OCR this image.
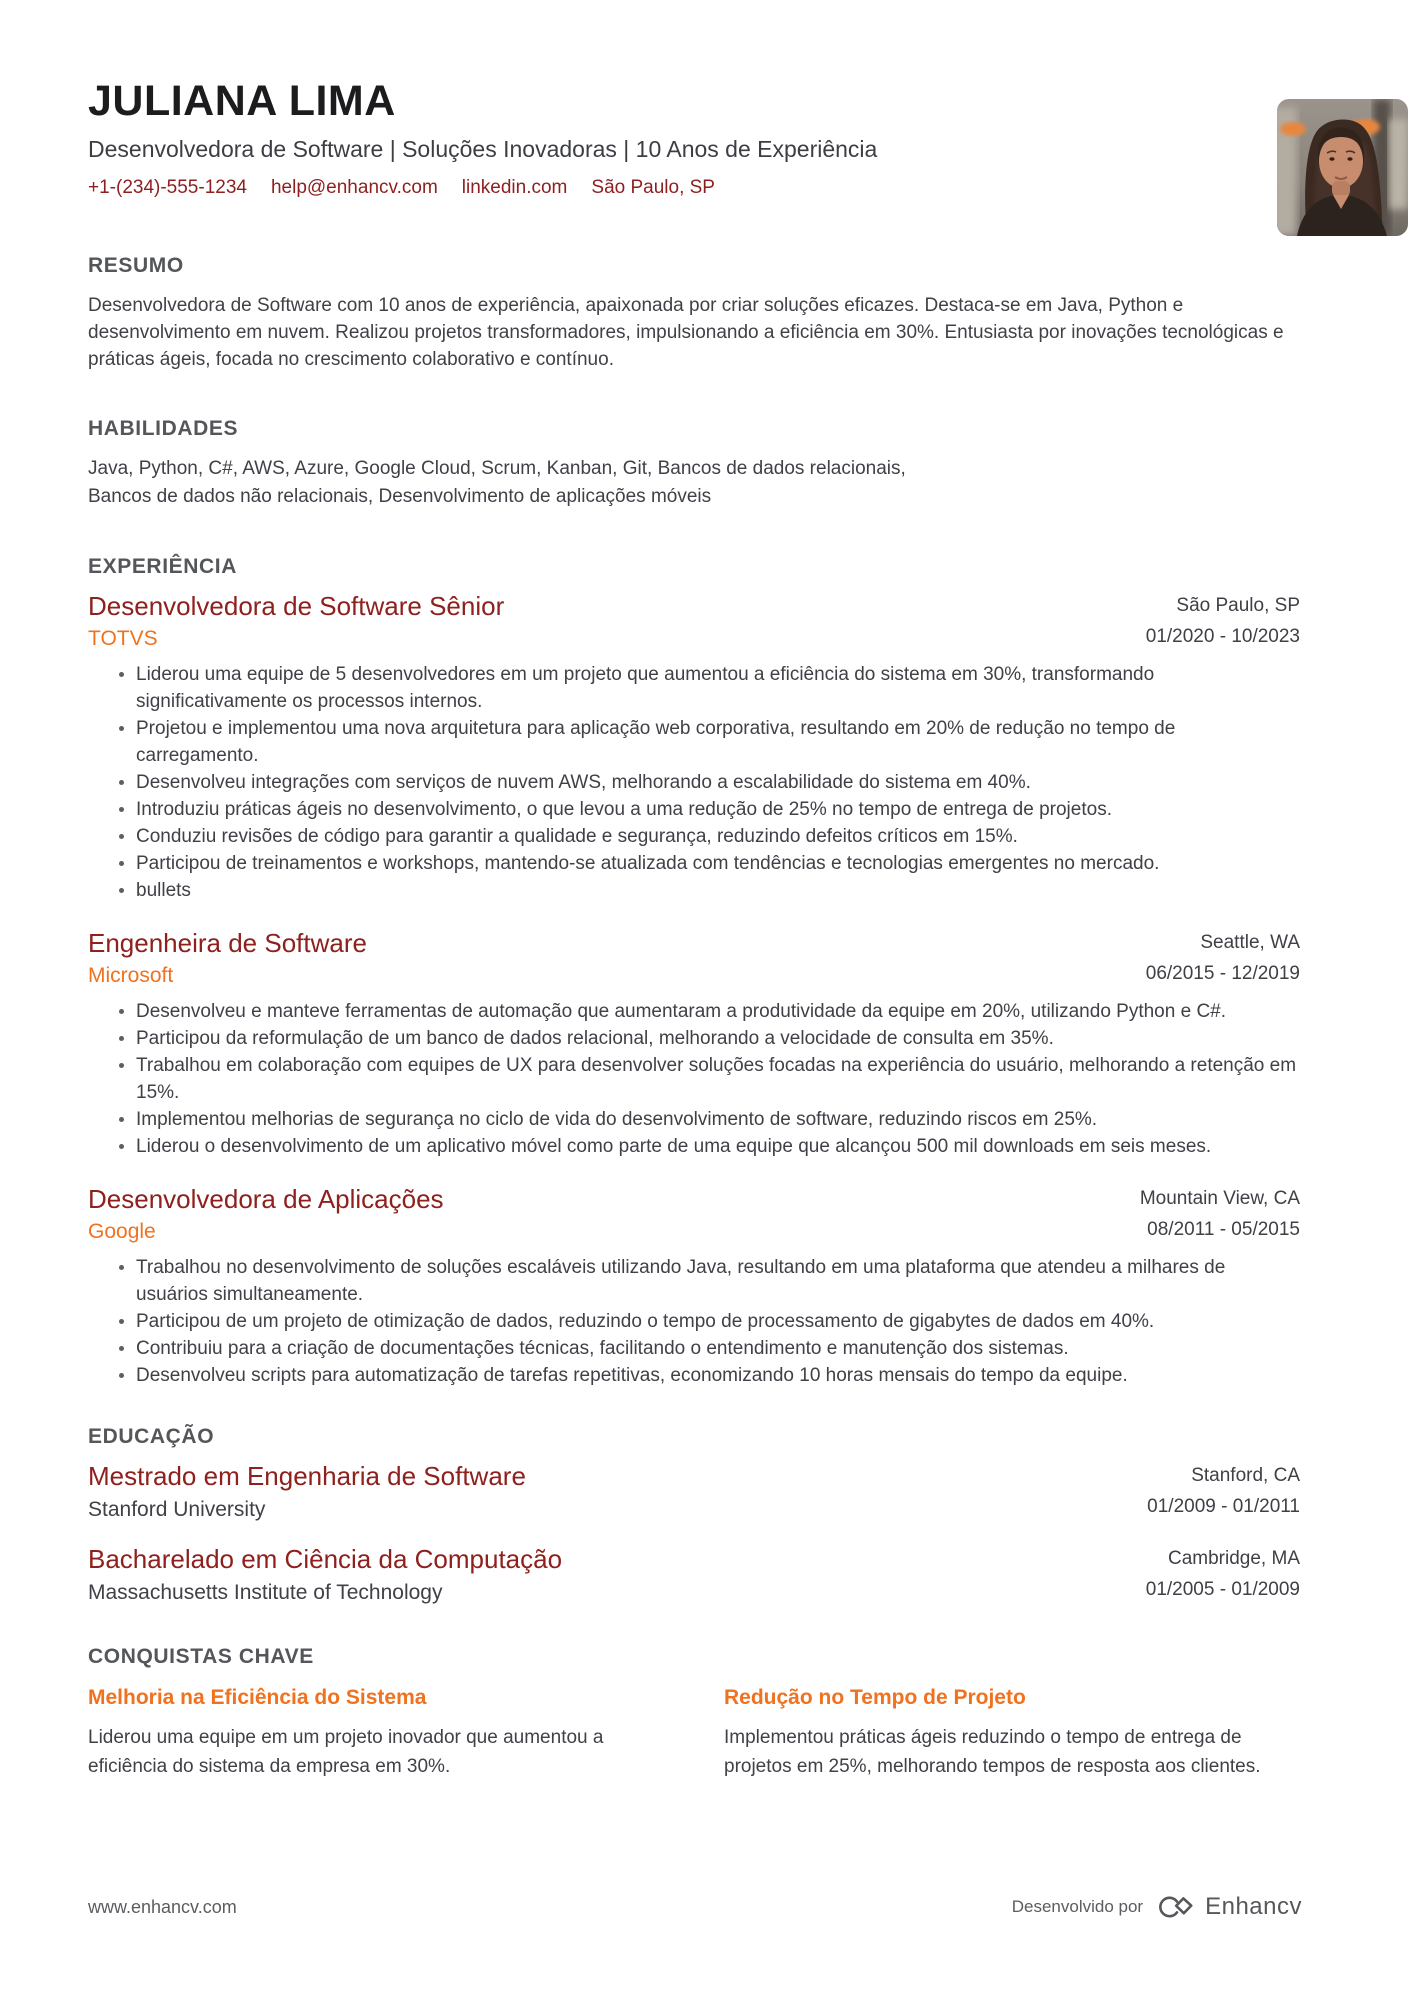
JULIANA LIMA
Desenvolvedora de Software | Soluções Inovadoras | 10 Anos de Experiência
+1-(234)-555-1234 help@enhancv.com linkedin.com São Paulo, SP
RESUMO
Desenvolvedora de Software com 10 anos de experiência, apaixonada por criar soluções eficazes. Destaca-se em Java, Python e desenvolvimento em nuvem. Realizou projetos transformadores, impulsionando a eficiência em 30%. Entusiasta por inovações tecnológicas e práticas ágeis, focada no crescimento colaborativo e contínuo.
HABILIDADES
Java, Python, C#, AWS, Azure, Google Cloud, Scrum, Kanban, Git, Bancos de dados relacionais,
Bancos de dados não relacionais, Desenvolvimento de aplicações móveis
EXPERIÊNCIA
Desenvolvedora de Software Sênior
TOTVS
São Paulo, SP
01/2020 - 10/2023
Liderou uma equipe de 5 desenvolvedores em um projeto que aumentou a eficiência do sistema em 30%, transformando significativamente os processos internos.
Projetou e implementou uma nova arquitetura para aplicação web corporativa, resultando em 20% de redução no tempo de carregamento.
Desenvolveu integrações com serviços de nuvem AWS, melhorando a escalabilidade do sistema em 40%.
Introduziu práticas ágeis no desenvolvimento, o que levou a uma redução de 25% no tempo de entrega de projetos.
Conduziu revisões de código para garantir a qualidade e segurança, reduzindo defeitos críticos em 15%.
Participou de treinamentos e workshops, mantendo-se atualizada com tendências e tecnologias emergentes no mercado.
bullets
Engenheira de Software
Microsoft
Seattle, WA
06/2015 - 12/2019
Desenvolveu e manteve ferramentas de automação que aumentaram a produtividade da equipe em 20%, utilizando Python e C#.
Participou da reformulação de um banco de dados relacional, melhorando a velocidade de consulta em 35%.
Trabalhou em colaboração com equipes de UX para desenvolver soluções focadas na experiência do usuário, melhorando a retenção em 15%.
Implementou melhorias de segurança no ciclo de vida do desenvolvimento de software, reduzindo riscos em 25%.
Liderou o desenvolvimento de um aplicativo móvel como parte de uma equipe que alcançou 500 mil downloads em seis meses.
Desenvolvedora de Aplicações
Google
Mountain View, CA
08/2011 - 05/2015
Trabalhou no desenvolvimento de soluções escaláveis utilizando Java, resultando em uma plataforma que atendeu a milhares de usuários simultaneamente.
Participou de um projeto de otimização de dados, reduzindo o tempo de processamento de gigabytes de dados em 40%.
Contribuiu para a criação de documentações técnicas, facilitando o entendimento e manutenção dos sistemas.
Desenvolveu scripts para automatização de tarefas repetitivas, economizando 10 horas mensais do tempo da equipe.
EDUCAÇÃO
Mestrado em Engenharia de Software
Stanford University
Stanford, CA
01/2009 - 01/2011
Bacharelado em Ciência da Computação
Massachusetts Institute of Technology
Cambridge, MA
01/2005 - 01/2009
CONQUISTAS CHAVE
Melhoria na Eficiência do Sistema
Liderou uma equipe em um projeto inovador que aumentou a eficiência do sistema da empresa em 30%.
Redução no Tempo de Projeto
Implementou práticas ágeis reduzindo o tempo de entrega de projetos em 25%, melhorando tempos de resposta aos clientes.
www.enhancv.com	Desenvolvido por	Enhancv
